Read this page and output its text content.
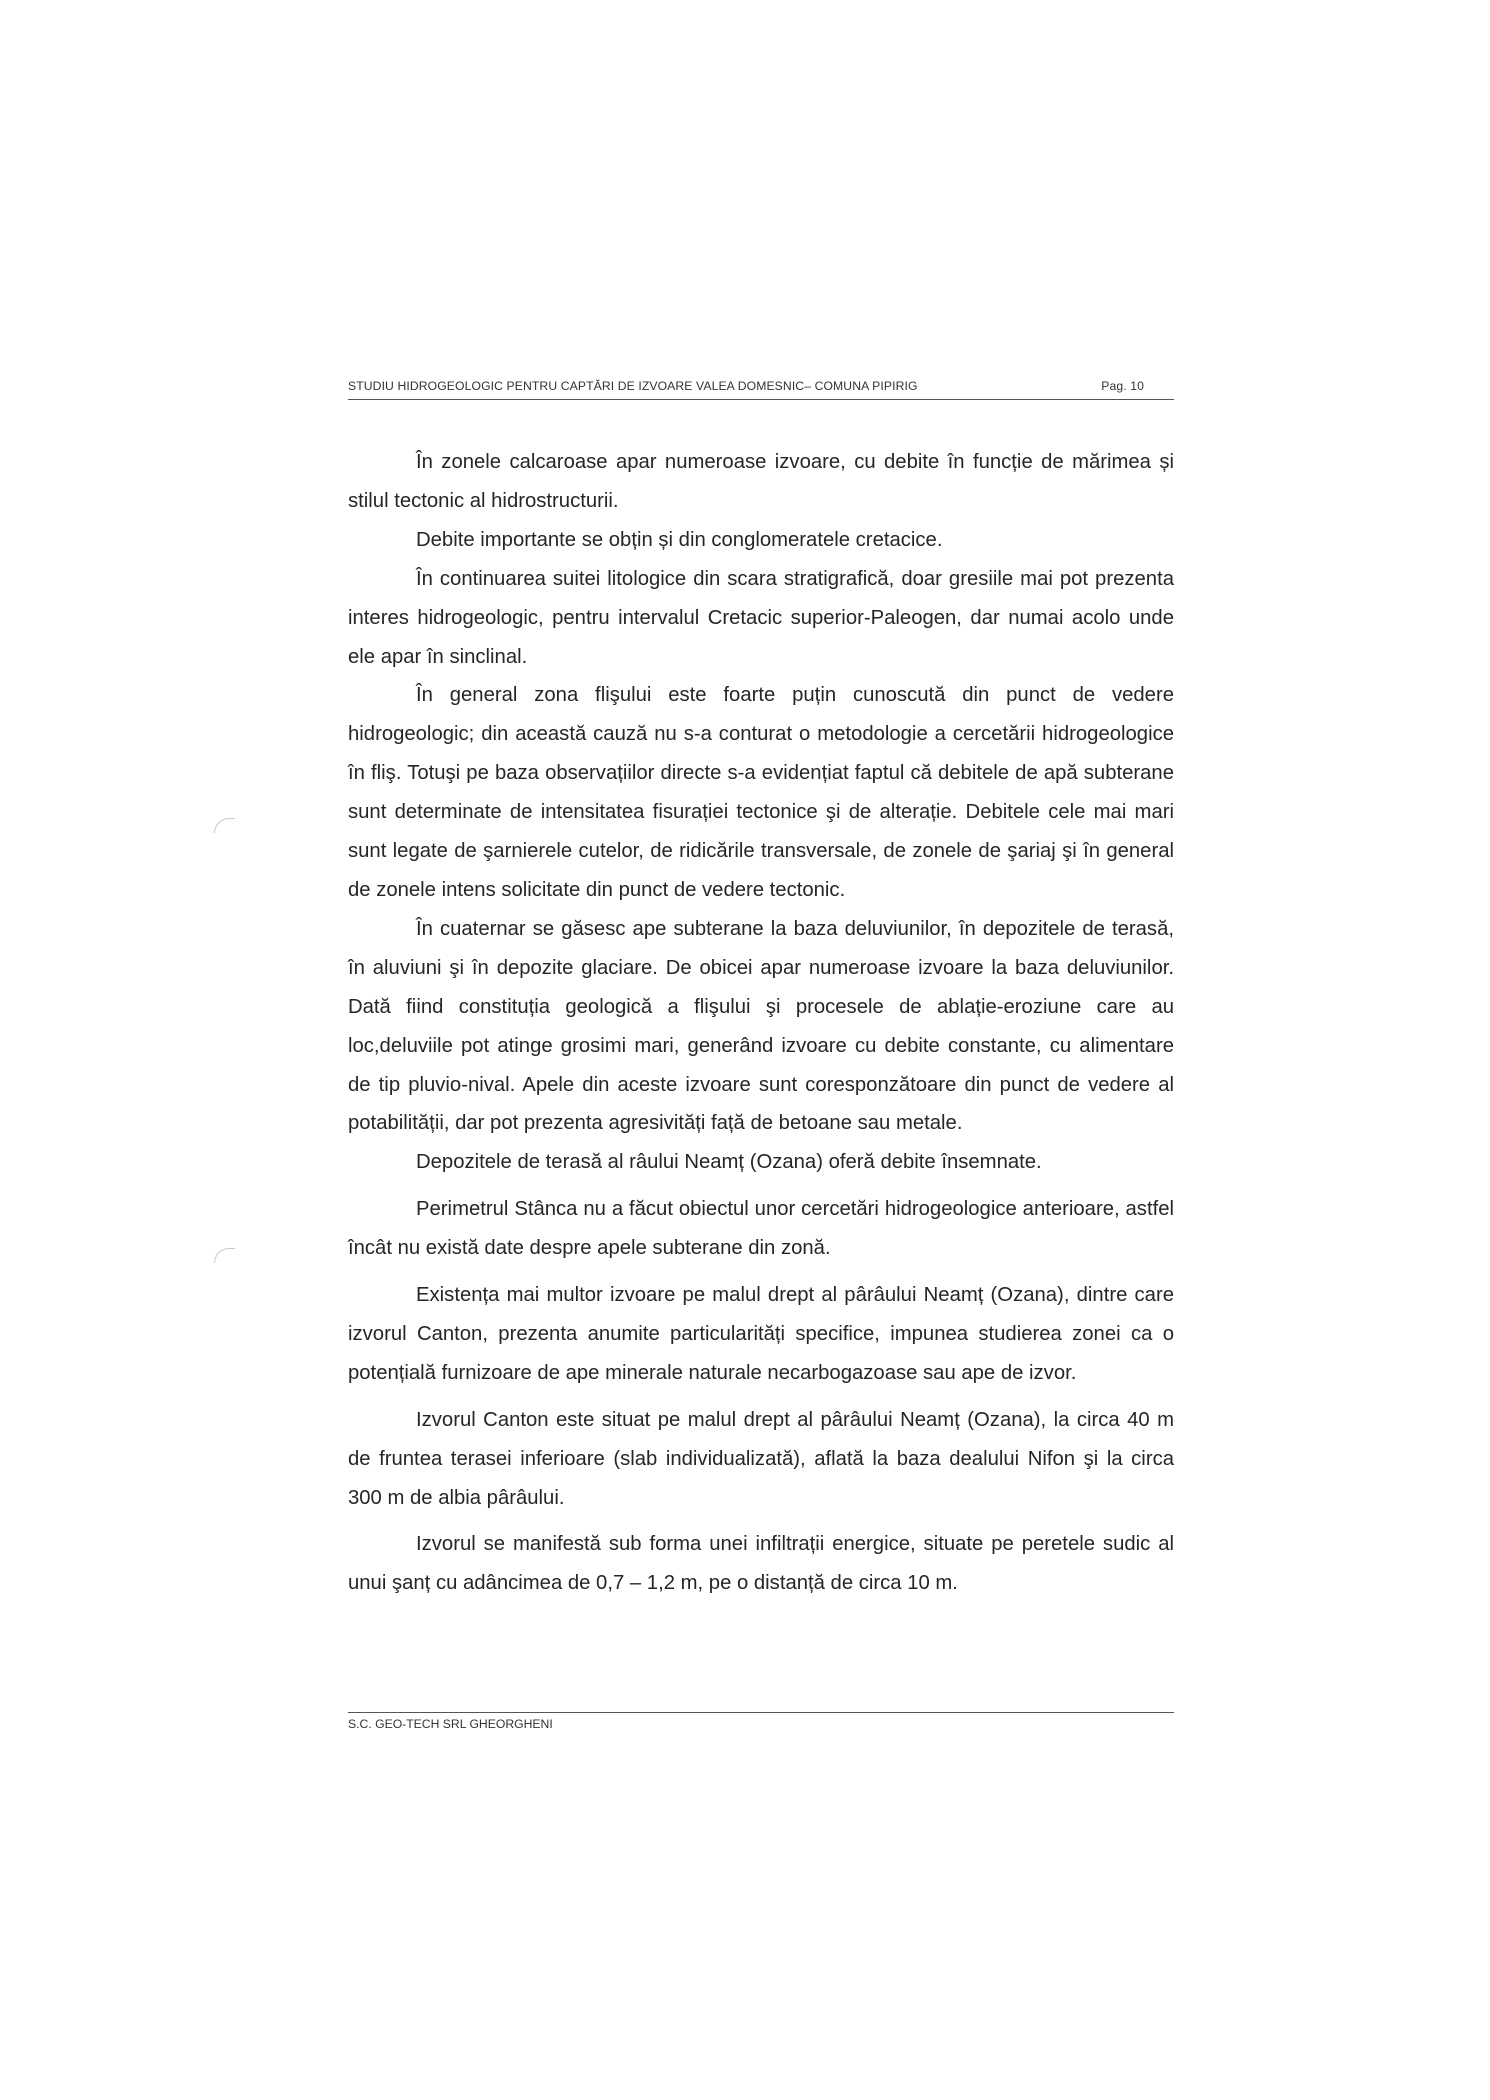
STUDIU HIDROGEOLOGIC PENTRU CAPTĂRI DE IZVOARE VALEA DOMESNIC– COMUNA PIPIRIG	Pag. 10

În zonele calcaroase apar numeroase izvoare, cu debite în funcție de mărimea și stilul tectonic al hidrostructurii.

Debite importante se obțin și din conglomeratele cretacice.

În continuarea suitei litologice din scara stratigrafică, doar gresiile mai pot prezenta interes hidrogeologic, pentru intervalul Cretacic superior-Paleogen, dar numai acolo unde ele apar în sinclinal.

În general zona flişului este foarte puțin cunoscută din punct de vedere hidrogeologic; din această cauză nu s-a conturat o metodologie a cercetării hidrogeologice în fliş. Totuşi pe baza observațiilor directe s-a evidențiat faptul că debitele de apă subterane sunt determinate de intensitatea fisurației tectonice şi de alterație. Debitele cele mai mari sunt legate de şarnierele cutelor, de ridicările transversale, de zonele de şariaj şi în general de zonele intens solicitate din punct de vedere tectonic.

În cuaternar se găsesc ape subterane la baza deluviunilor, în depozitele de terasă, în aluviuni şi în depozite glaciare. De obicei apar numeroase izvoare la baza deluviunilor. Dată fiind constituția geologică a flişului şi procesele de ablație-eroziune care au loc,deluviile pot atinge grosimi mari, generând izvoare cu debite constante, cu alimentare de tip pluvio-nival. Apele din aceste izvoare sunt coresponzătoare din punct de vedere al potabilității, dar pot prezenta agresivități față de betoane sau metale.

Depozitele de terasă al râului Neamț (Ozana) oferă debite însemnate.

Perimetrul Stânca nu a făcut obiectul unor cercetări hidrogeologice anterioare, astfel încât nu există date despre apele subterane din zonă.

Existența mai multor izvoare pe malul drept al pârâului Neamț (Ozana), dintre care izvorul Canton, prezenta anumite particularități specifice, impunea studierea zonei ca o potențială furnizoare de ape minerale naturale necarbogazoase sau ape de izvor.

Izvorul Canton este situat pe malul drept al pârâului Neamț (Ozana), la circa 40 m de fruntea terasei inferioare (slab individualizată), aflată la baza dealului Nifon şi la circa 300 m de albia pârâului.

Izvorul se manifestă sub forma unei infiltrații energice, situate pe peretele sudic al unui şanț cu adâncimea de 0,7 – 1,2 m, pe o distanță de circa 10 m.

S.C. GEO-TECH SRL GHEORGHENI
